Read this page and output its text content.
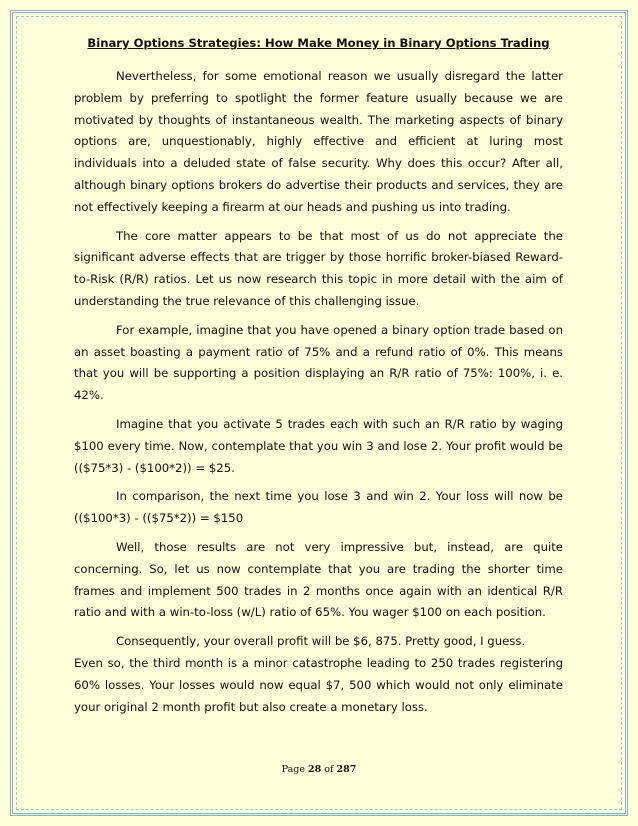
Binary Options Strategies: How Make Money in Binary Options Trading

Nevertheless, for some emotional reason we usually disregard the latter problem by preferring to spotlight the former feature usually because we are motivated by thoughts of instantaneous wealth. The marketing aspects of binary options are, unquestionably, highly effective and efficient at luring most individuals into a deluded state of false security. Why does this occur? After all, although binary options brokers do advertise their products and services, they are not effectively keeping a firearm at our heads and pushing us into trading.

The core matter appears to be that most of us do not appreciate the significant adverse effects that are trigger by those horrific broker-biased Reward-to-Risk (R/R) ratios. Let us now research this topic in more detail with the aim of understanding the true relevance of this challenging issue.

For example, imagine that you have opened a binary option trade based on an asset boasting a payment ratio of 75% and a refund ratio of 0%. This means that you will be supporting a position displaying an R/R ratio of 75%: 100%, i. e. 42%.

Imagine that you activate 5 trades each with such an R/R ratio by waging $100 every time. Now, contemplate that you win 3 and lose 2. Your profit would be (($75*3) - ($100*2)) = $25.

In comparison, the next time you lose 3 and win 2. Your loss will now be (($100*3) - (($75*2)) = $150

Well, those results are not very impressive but, instead, are quite concerning. So, let us now contemplate that you are trading the shorter time frames and implement 500 trades in 2 months once again with an identical R/R ratio and with a win-to-loss (w/L) ratio of 65%. You wager $100 on each position.

Consequently, your overall profit will be $6, 875. Pretty good, I guess.

Even so, the third month is a minor catastrophe leading to 250 trades registering 60% losses. Your losses would now equal $7, 500 which would not only eliminate your original 2 month profit but also create a monetary loss.

Page 28 of 287
